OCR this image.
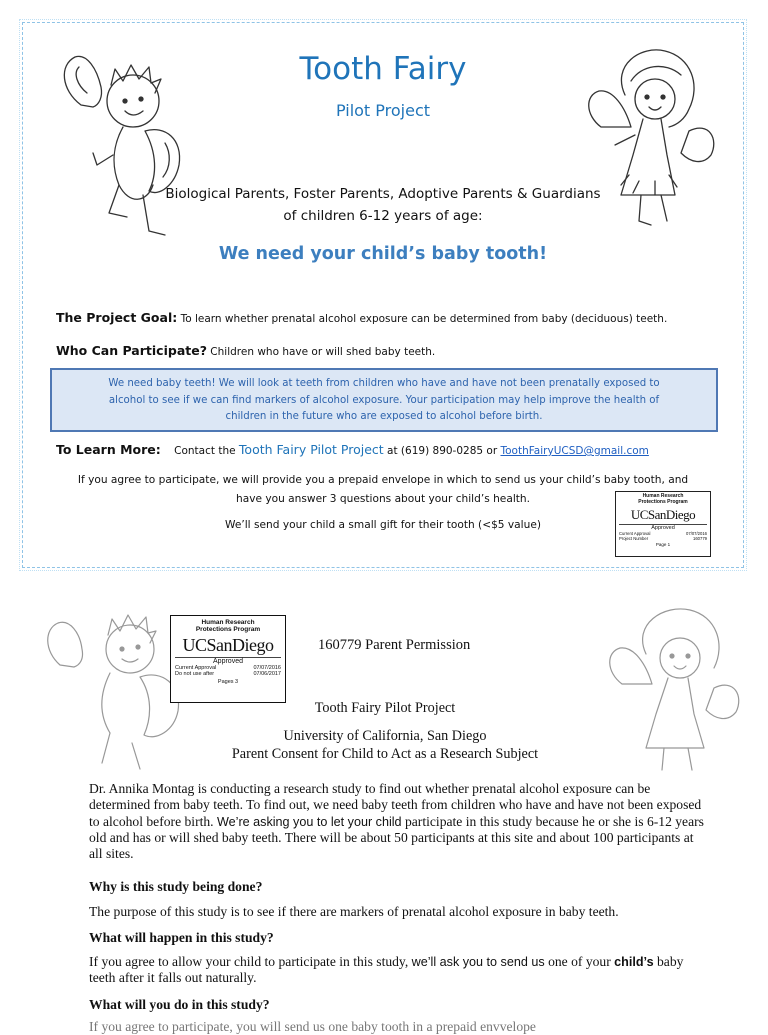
Tooth Fairy
Pilot Project
Biological Parents, Foster Parents, Adoptive Parents & Guardians
of children 6-12 years of age:
We need your child’s baby tooth!
The Project Goal: To learn whether prenatal alcohol exposure can be determined from baby (deciduous) teeth.
Who Can Participate? Children who have or will shed baby teeth.
We need baby teeth! We will look at teeth from children who have and have not been prenatally exposed to
alcohol to see if we can find markers of alcohol exposure. Your participation may help improve the health of
children in the future who are exposed to alcohol before birth.
To Learn More: Contact the Tooth Fairy Pilot Project at (619) 890-0285 or ToothFairyUCSD@gmail.com
If you agree to participate, we will provide you a prepaid envelope in which to send us your child’s baby tooth, and
have you answer 3 questions about your child’s health.
We’ll send your child a small gift for their tooth (<$5 value)
Human Research
Protections Program
UCSanDiego
Approved
Current Approval	07/07/2016
Project Number	160779
Page 1
Human Research
Protections Program
UCSanDiego
Approved
Current Approval	07/07/2016
Do not use after	07/06/2017
Pages 3
160779 Parent Permission
Tooth Fairy Pilot Project
University of California, San Diego
Parent Consent for Child to Act as a Research Subject

Dr. Annika Montag is conducting a research study to find out whether prenatal alcohol exposure can be determined from baby teeth. To find out, we need baby teeth from children who have and have not been exposed to alcohol before birth. We’re asking you to let your child participate in this study because he or she is 6-12 years old and has or will shed baby teeth. There will be about 50 participants at this site and about 100 participants at all sites.

Why is this study being done?

The purpose of this study is to see if there are markers of prenatal alcohol exposure in baby teeth.

What will happen in this study?

If you agree to allow your child to participate in this study, we’ll ask you to send us one of your child’s baby teeth after it falls out naturally.

What will you do in this study?

If you agree to participate, you will send us one baby tooth in a prepaid envvelope
